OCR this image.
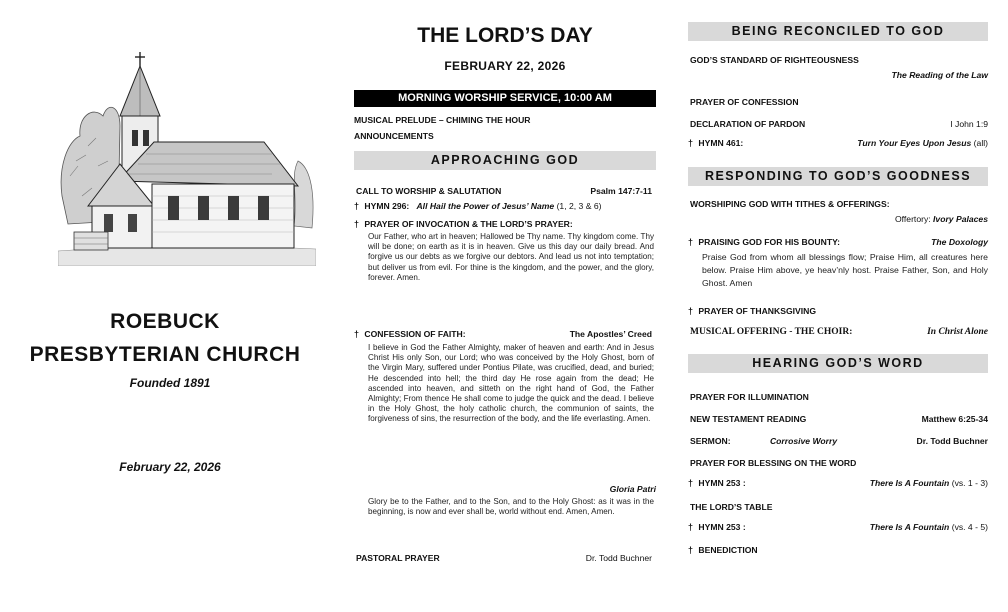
ROEBUCK
PRESBYTERIAN CHURCH
Founded 1891
February 22, 2026
THE LORD’S DAY
FEBRUARY 22, 2026
MORNING WORSHIP SERVICE, 10:00 AM
MUSICAL PRELUDE – CHIMING THE HOUR
ANNOUNCEMENTS
APPROACHING GOD
CALL TO WORSHIP & SALUTATION	Psalm 147:7-11
† HYMN 296: All Hail the Power of Jesus’ Name (1, 2, 3 & 6)
† PRAYER OF INVOCATION & THE LORD’S PRAYER:
Our Father, who art in heaven; Hallowed be Thy name. Thy kingdom come. Thy will be done; on earth as it is in heaven. Give us this day our daily bread. And forgive us our debts as we forgive our debtors. And lead us not into temptation; but deliver us from evil. For thine is the kingdom, and the power, and the glory, forever. Amen.
† CONFESSION OF FAITH:	The Apostles’ Creed
I believe in God the Father Almighty, maker of heaven and earth: And in Jesus Christ His only Son, our Lord; who was conceived by the Holy Ghost, born of the Virgin Mary, suffered under Pontius Pilate, was crucified, dead, and buried; He descended into hell; the third day He rose again from the dead; He ascended into heaven, and sitteth on the right hand of God, the Father Almighty; From thence He shall come to judge the quick and the dead. I believe in the Holy Ghost, the holy catholic church, the communion of saints, the forgiveness of sins, the resurrection of the body, and the life everlasting. Amen.
Gloria Patri
Glory be to the Father, and to the Son, and to the Holy Ghost: as it was in the beginning, is now and ever shall be, world without end. Amen, Amen.
PASTORAL PRAYER	Dr. Todd Buchner
BEING RECONCILED TO GOD
GOD’S STANDARD OF RIGHTEOUSNESS
The Reading of the Law
PRAYER OF CONFESSION
DECLARATION OF PARDON	I John 1:9
† HYMN 461:	Turn Your Eyes Upon Jesus (all)
RESPONDING TO GOD’S GOODNESS
WORSHIPING GOD WITH TITHES & OFFERINGS:
Offertory: Ivory Palaces
† PRAISING GOD FOR HIS BOUNTY:	The Doxology
Praise God from whom all blessings flow; Praise Him, all creatures here below. Praise Him above, ye heav’nly host. Praise Father, Son, and Holy Ghost. Amen
† PRAYER OF THANKSGIVING
MUSICAL OFFERING - THE CHOIR:	In Christ Alone
HEARING GOD’S WORD
PRAYER FOR ILLUMINATION
NEW TESTAMENT READING	Matthew 6:25-34
SERMON:	Corrosive Worry	Dr. Todd Buchner
PRAYER FOR BLESSING ON THE WORD
† HYMN 253 :	There Is A Fountain (vs. 1 - 3)
THE LORD’S TABLE
† HYMN 253 :	There Is A Fountain (vs. 4 - 5)
† BENEDICTION
